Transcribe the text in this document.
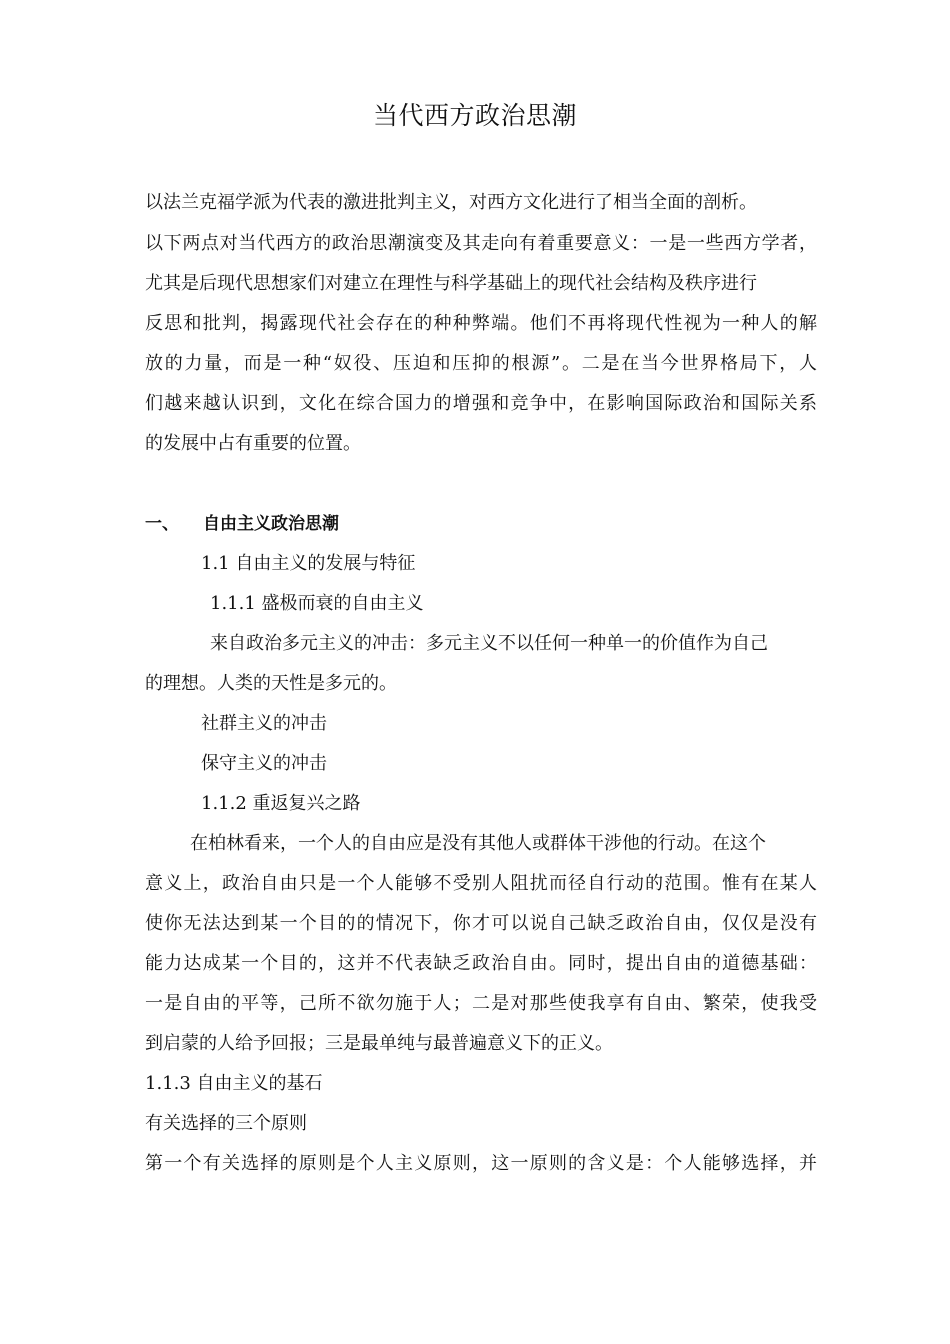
当代西方政治思潮

以法兰克福学派为代表的激进批判主义，对西方文化进行了相当全面的剖析。

以下两点对当代西方的政治思潮演变及其走向有着重要意义：一是一些西方学者，

尤其是后现代思想家们对建立在理性与科学基础上的现代社会结构及秩序进行

反思和批判，揭露现代社会存在的种种弊端。他们不再将现代性视为一种人的解

放的力量，而是一种“奴役、压迫和压抑的根源”。二是在当今世界格局下，人

们越来越认识到，文化在综合国力的增强和竞争中，在影响国际政治和国际关系

的发展中占有重要的位置。

一、 自由主义政治思潮

1.1 自由主义的发展与特征

1.1.1 盛极而衰的自由主义

来自政治多元主义的冲击：多元主义不以任何一种单一的价值作为自己

的理想。人类的天性是多元的。

社群主义的冲击

保守主义的冲击

1.1.2 重返复兴之路

在柏林看来，一个人的自由应是没有其他人或群体干涉他的行动。在这个

意义上，政治自由只是一个人能够不受别人阻扰而径自行动的范围。惟有在某人

使你无法达到某一个目的的情况下，你才可以说自己缺乏政治自由，仅仅是没有

能力达成某一个目的，这并不代表缺乏政治自由。同时，提出自由的道德基础：

一是自由的平等，己所不欲勿施于人；二是对那些使我享有自由、繁荣，使我受

到启蒙的人给予回报；三是最单纯与最普遍意义下的正义。

1.1.3 自由主义的基石

有关选择的三个原则

第一个有关选择的原则是个人主义原则，这一原则的含义是：个人能够选择，并
